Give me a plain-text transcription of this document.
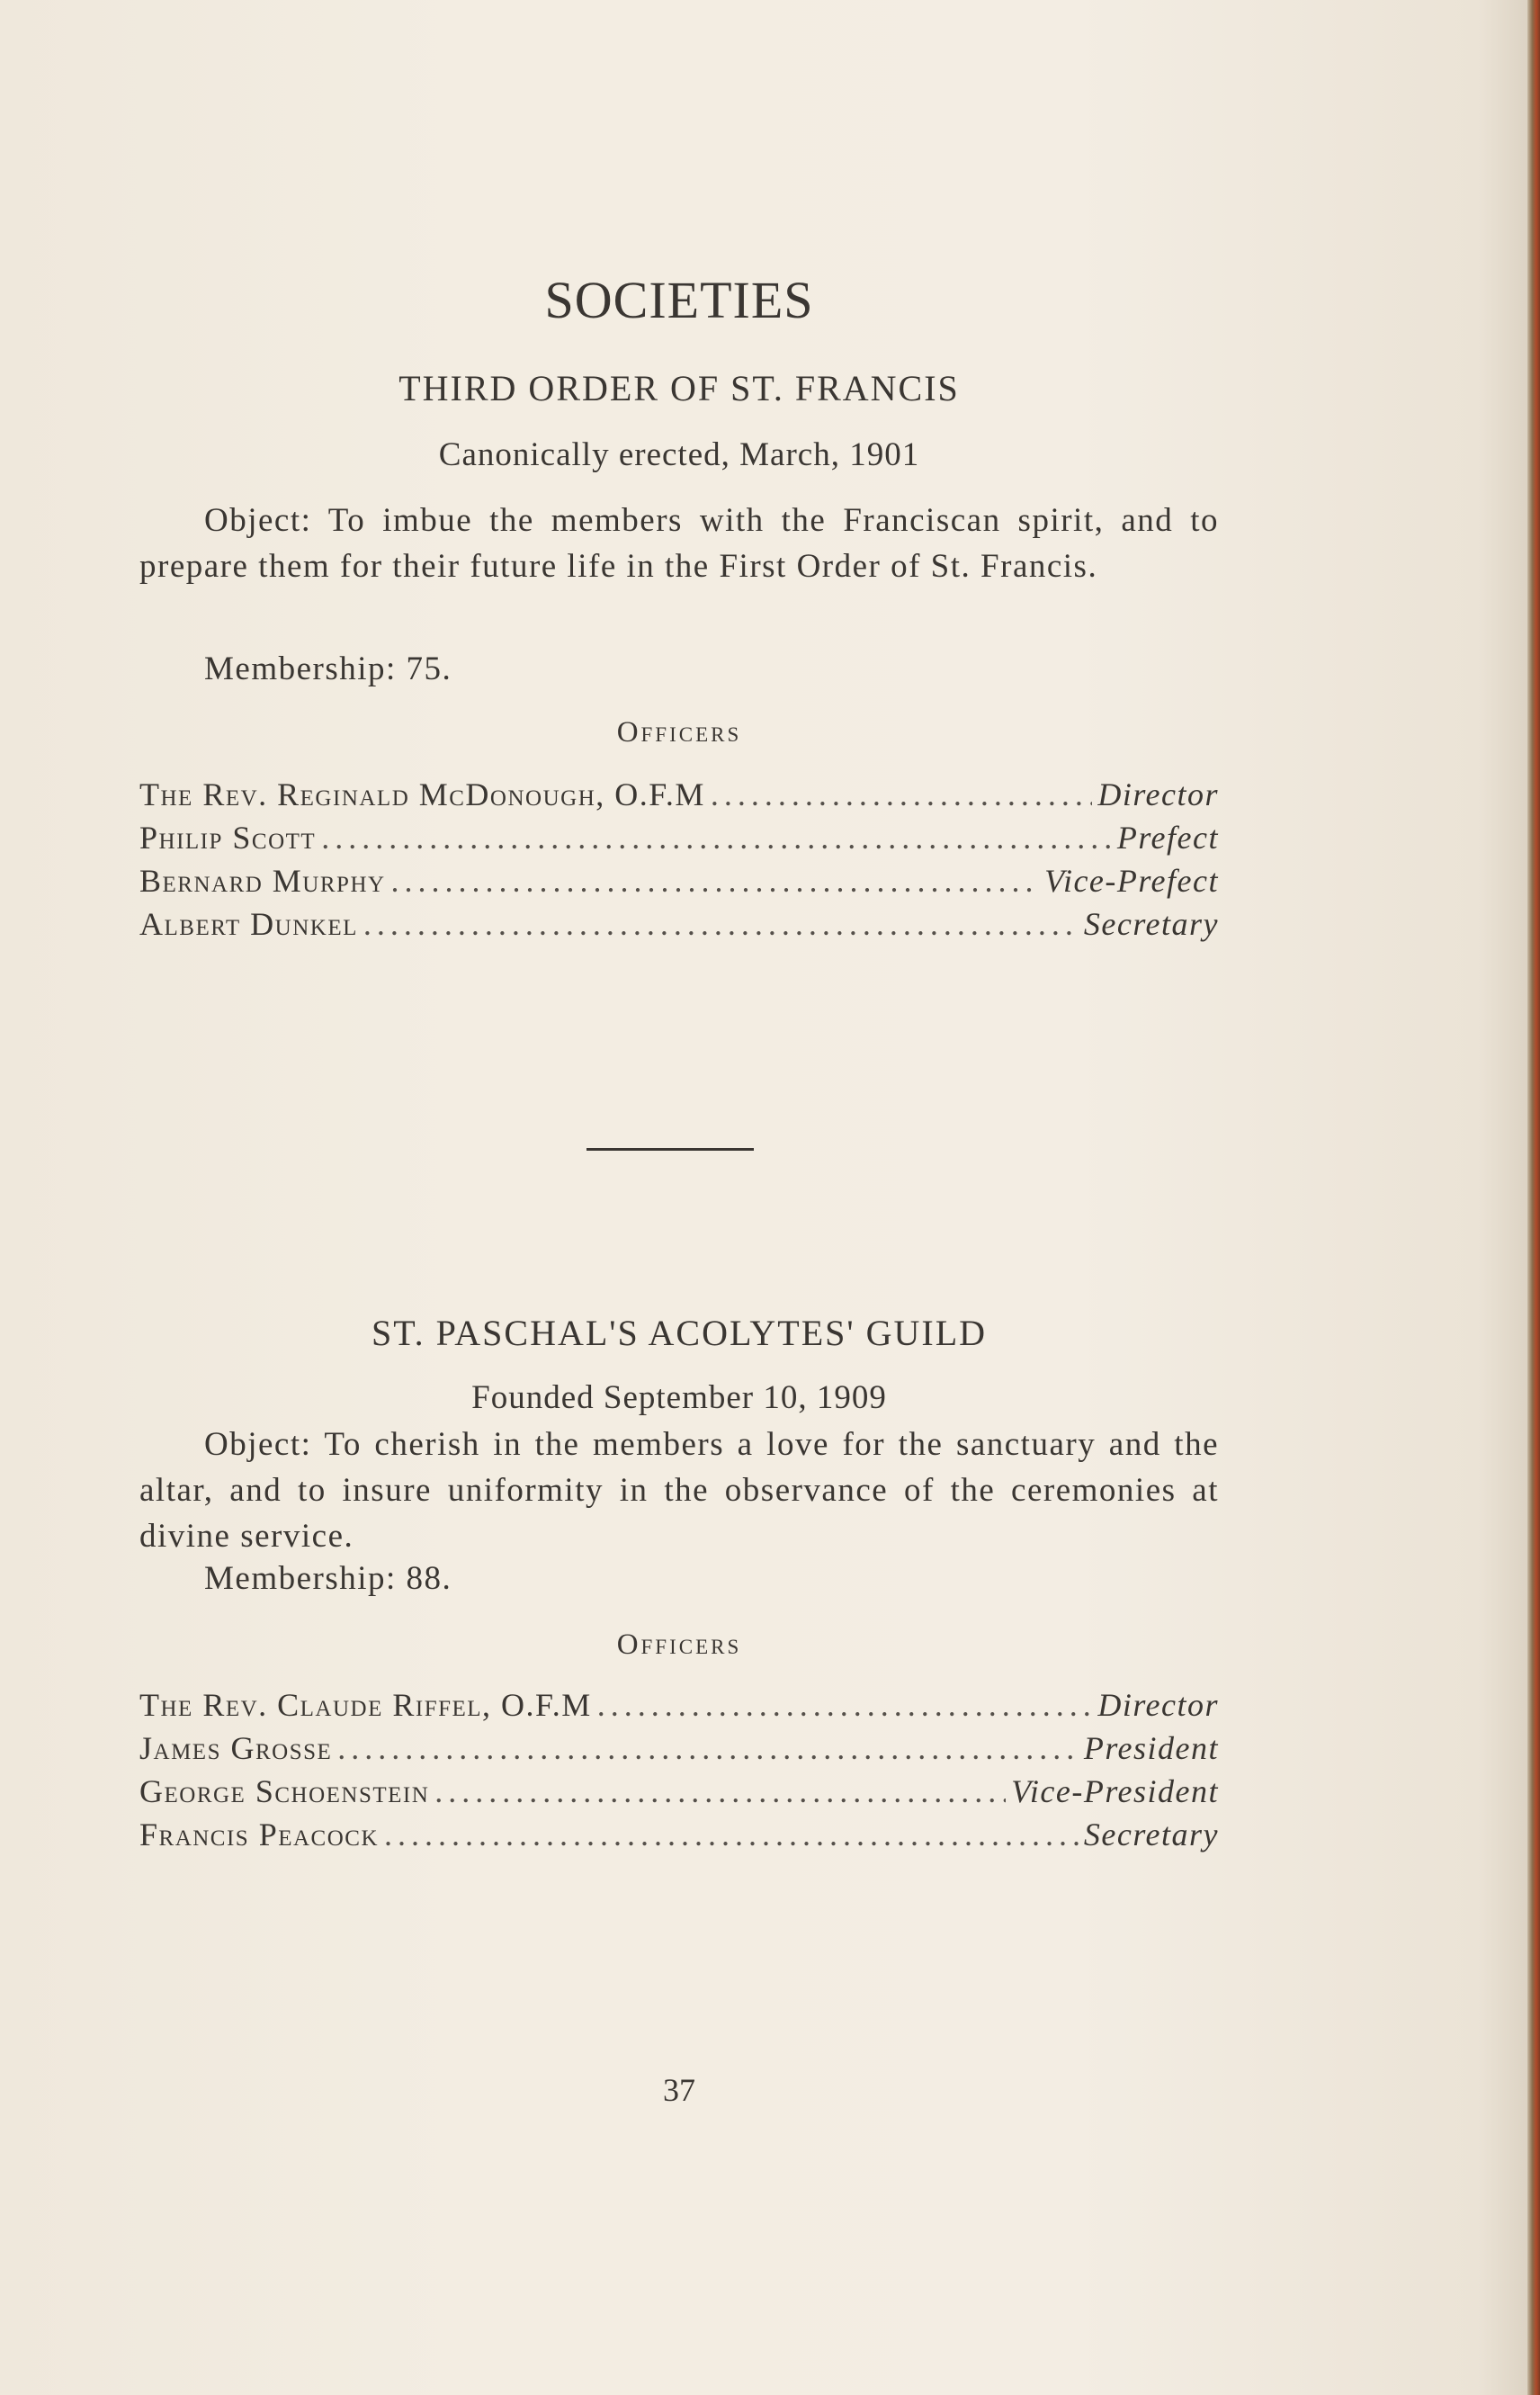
SOCIETIES
THIRD ORDER OF ST. FRANCIS
Canonically erected, March, 1901

Object: To imbue the members with the Franciscan spirit, and to prepare them for their future life in the First Order of St. Francis.

Membership: 75.
Officers
The Rev. Reginald McDonough, O.F.M .....	Director
Philip Scott .....	Prefect
Bernard Murphy .....	Vice-Prefect
Albert Dunkel .....	Secretary
ST. PASCHAL'S ACOLYTES' GUILD
Founded September 10, 1909

Object: To cherish in the members a love for the sanctuary and the altar, and to insure uniformity in the observance of the ceremonies at divine service.

Membership: 88.
Officers
The Rev. Claude Riffel, O.F.M .....	Director
James Grosse .....	President
George Schoenstein .....	Vice-President
Francis Peacock .....	Secretary
37
